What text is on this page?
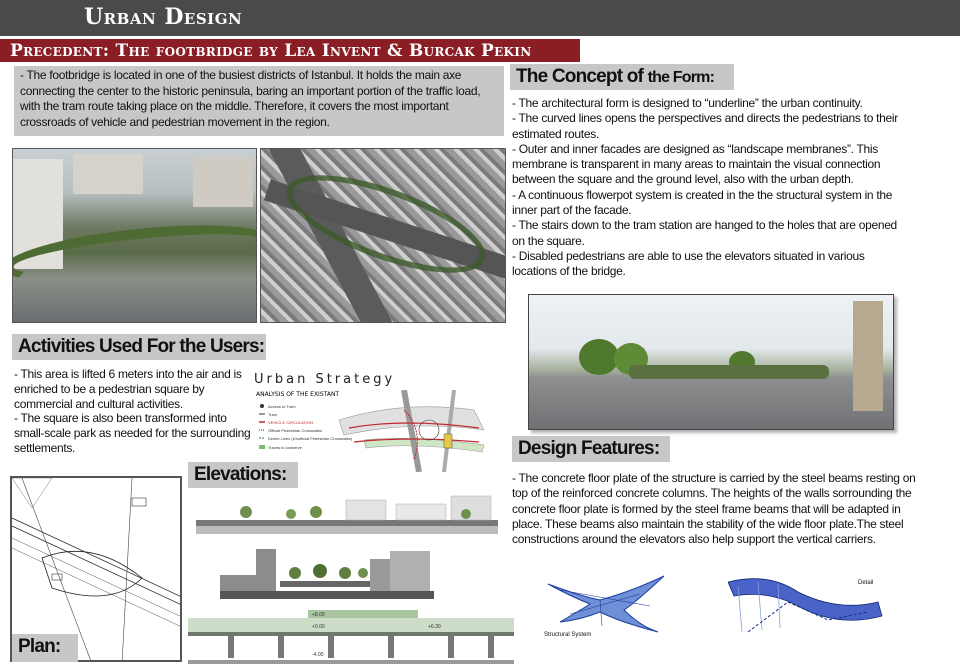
Urban Design
Precedent: The footbridge by Lea Invent & Burcak Pekin

- The footbridge is located in one of the busiest districts of Istanbul. It holds the main axe connecting the center to the historic peninsula, baring an important portion of the traffic load, with the tram route taking place on the middle. Therefore, it covers the most important crossroads of vehicle and pedestrian movement in the region.

The Concept of the Form:

- The architectural form is designed to “underline” the urban continuity.

- The curved lines opens the perspectives and directs the pedestrians to their estimated routes.

- Outer and inner facades are designed as “landscape membranes”. This membrane is transparent in many areas to maintain the visual connection between the square and the ground level, also with the urban depth.

- A continuous flowerpot system is created in the the structural system in the inner part of the facade.

- The stairs down to the tram station are hanged to the holes that are opened on the square.

- Disabled pedestrians are able to use the elevators situated in various locations of the bridge.

Activities Used For the Users:

- This area is lifted 6 meters into the air and is enriched to be a pedestrian square by commercial and cultural activities.

- The square is also been transformed into small-scale park as needed for the surrounding settlements.

Urban Strategy
ANALYSIS OF THE EXISTANT
Access to Tram
Tram
VEHICLE CIRCULATION
Official Pedestrian Crosswalks
Desire Lines (Unofficial Pedestrian Crosswalks)
Traces to conserve	Design Features:

- The concrete floor plate of the structure is carried by the steel beams resting on top of the reinforced concrete columns. The heights of the walls sorrounding the concrete floor plate is formed by the steel frame beams that will be adapted in place. These beams also maintain the stability of the wide floor plate.The steel constructions around the elevators also help support the vertical carriers.

Elevations:
+8.00
+0.00
-4.00
+6.30
Plan:
Structural System
Detail
